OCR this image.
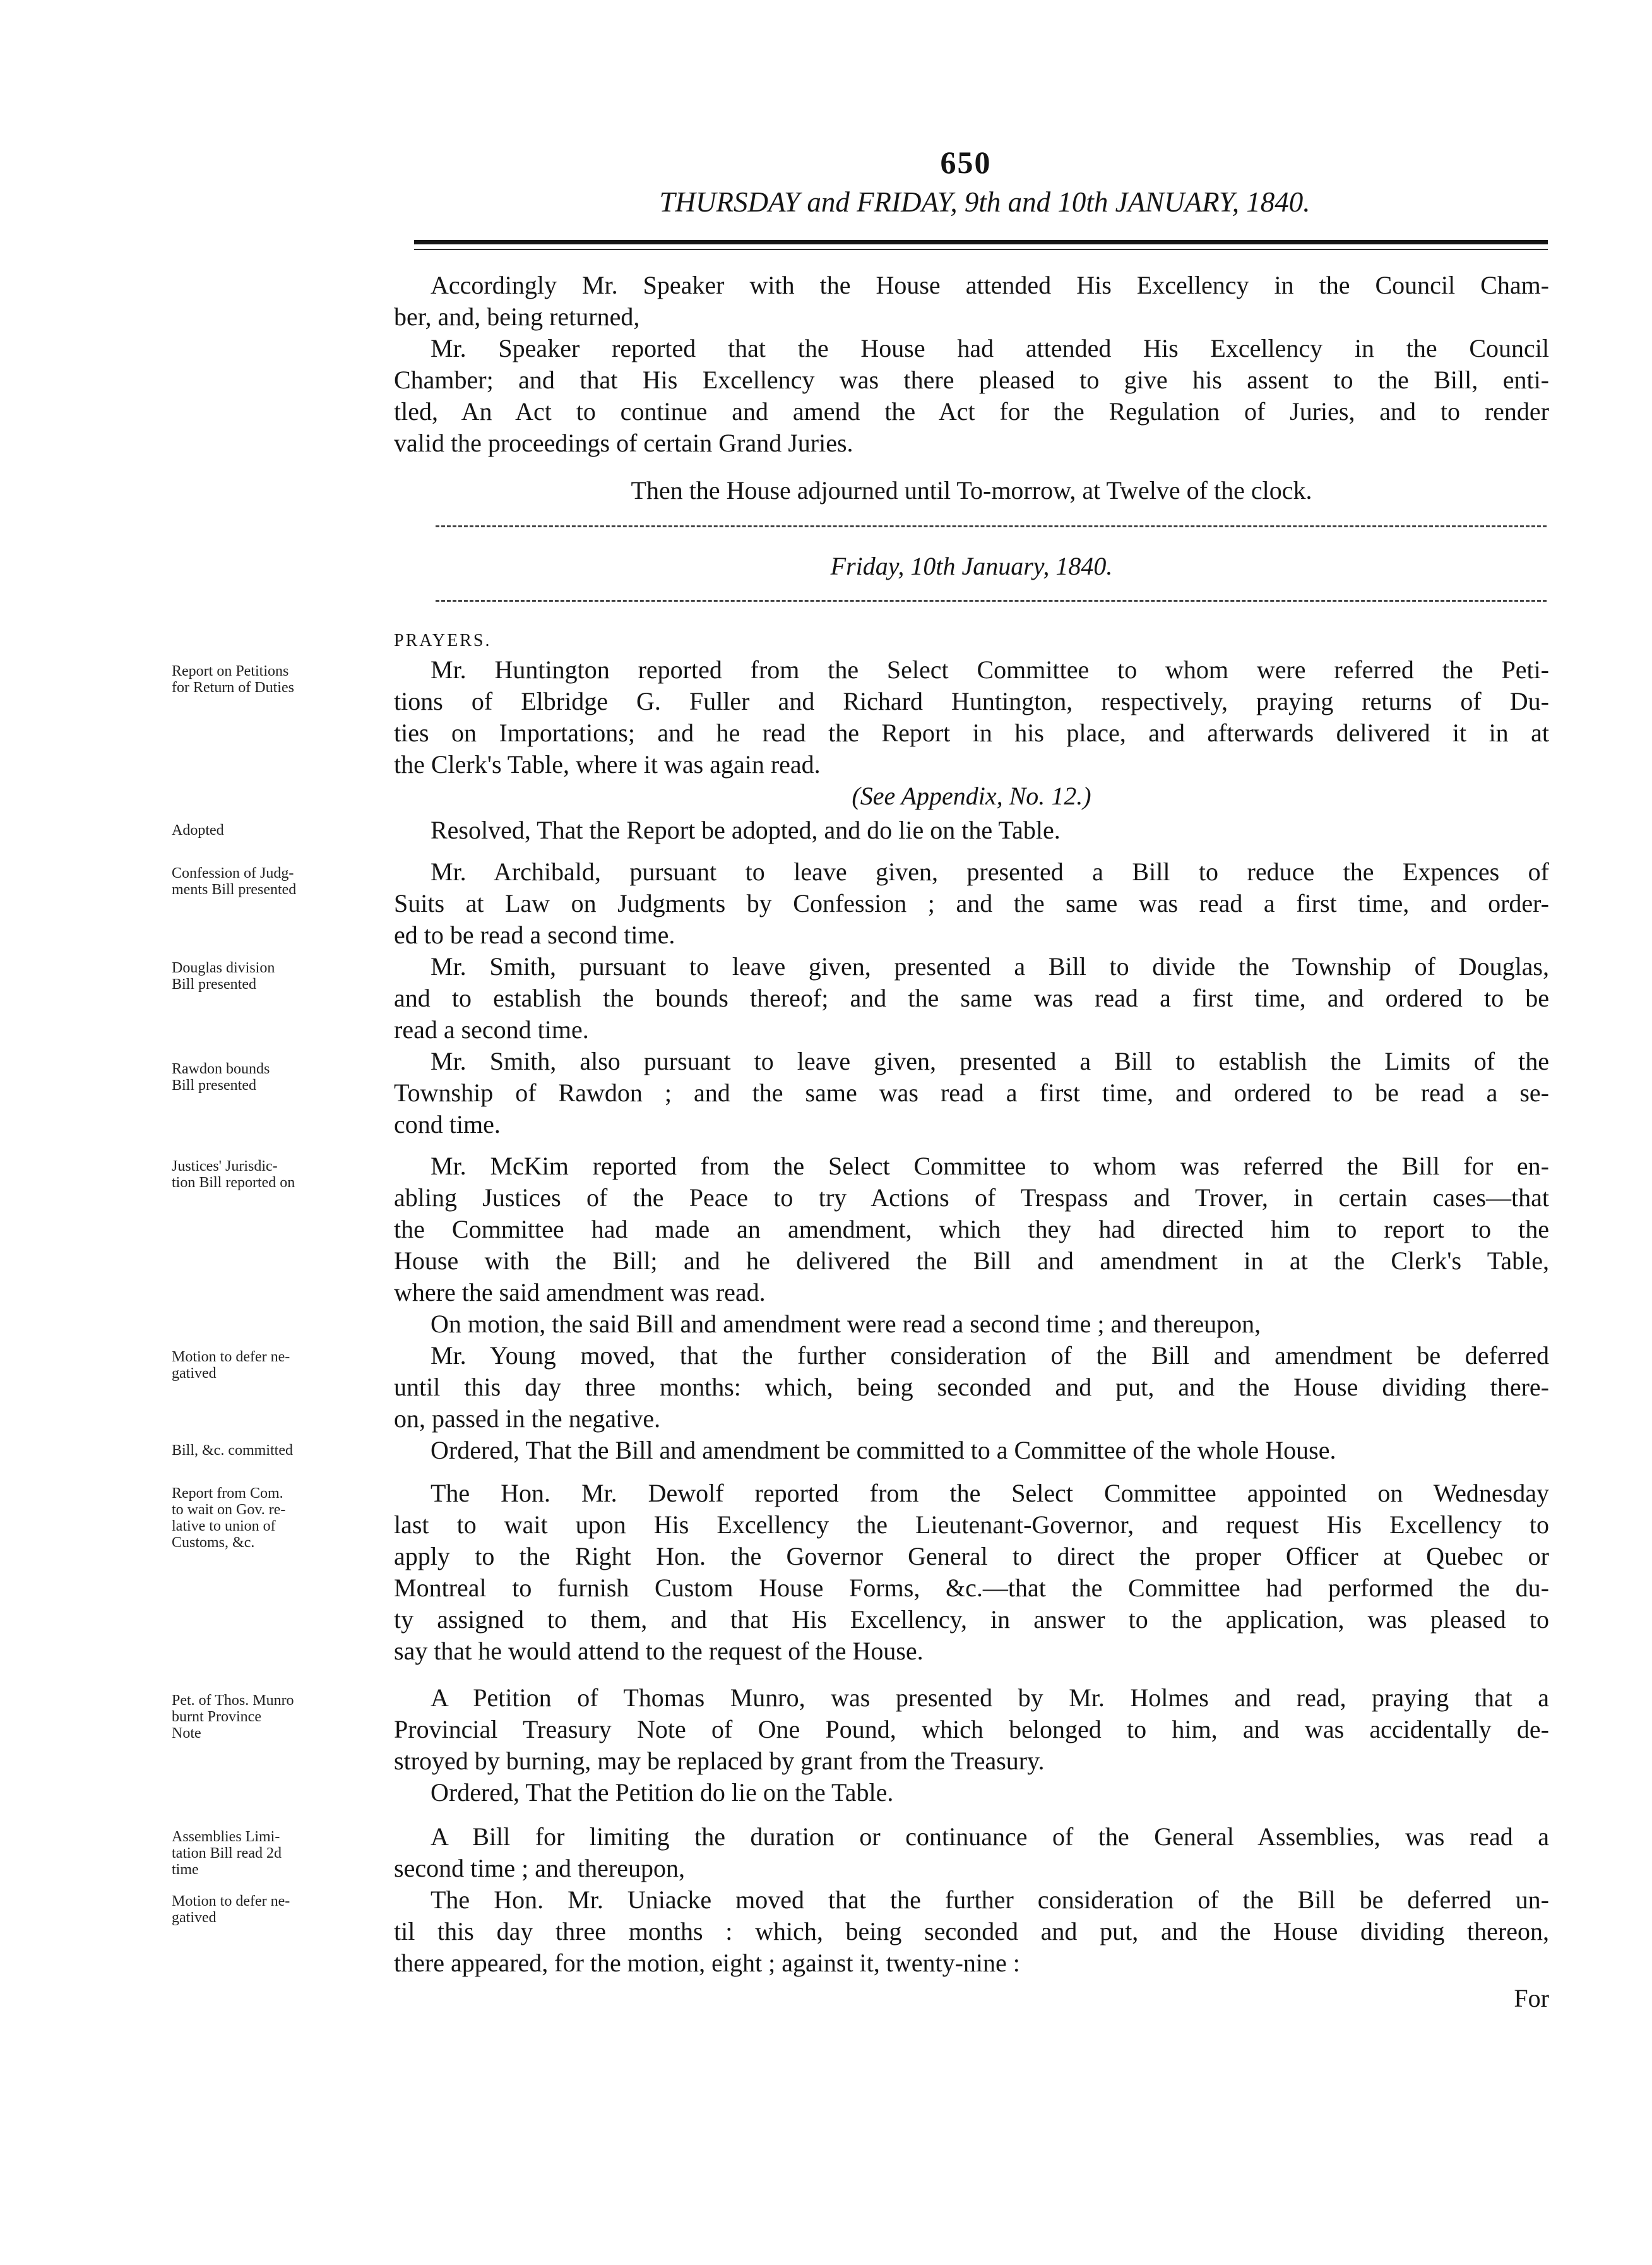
650
THURSDAY and FRIDAY, 9th and 10th JANUARY, 1840.
Accordingly Mr. Speaker with the House attended His Excellency in the Council Cham-
ber, and, being returned,
Mr. Speaker reported that the House had attended His Excellency in the Council
Chamber; and that His Excellency was there pleased to give his assent to the Bill, enti-
tled, An Act to continue and amend the Act for the Regulation of Juries, and to render
valid the proceedings of certain Grand Juries.
Then the House adjourned until To-morrow, at Twelve of the clock.
Friday, 10th January, 1840.
PRAYERS.
Mr. Huntington reported from the Select Committee to whom were referred the Peti-
tions of Elbridge G. Fuller and Richard Huntington, respectively, praying returns of Du-
ties on Importations; and he read the Report in his place, and afterwards delivered it in at
the Clerk's Table, where it was again read.
(See Appendix, No. 12.)
Resolved, That the Report be adopted, and do lie on the Table.
Mr. Archibald, pursuant to leave given, presented a Bill to reduce the Expences of
Suits at Law on Judgments by Confession ; and the same was read a first time, and order-
ed to be read a second time.
Mr. Smith, pursuant to leave given, presented a Bill to divide the Township of Douglas,
and to establish the bounds thereof; and the same was read a first time, and ordered to be
read a second time.
Mr. Smith, also pursuant to leave given, presented a Bill to establish the Limits of the
Township of Rawdon ; and the same was read a first time, and ordered to be read a se-
cond time.
Mr. McKim reported from the Select Committee to whom was referred the Bill for en-
abling Justices of the Peace to try Actions of Trespass and Trover, in certain cases—that
the Committee had made an amendment, which they had directed him to report to the
House with the Bill; and he delivered the Bill and amendment in at the Clerk's Table,
where the said amendment was read.
On motion, the said Bill and amendment were read a second time ; and thereupon,
Mr. Young moved, that the further consideration of the Bill and amendment be deferred
until this day three months: which, being seconded and put, and the House dividing there-
on, passed in the negative.
Ordered, That the Bill and amendment be committed to a Committee of the whole House.
The Hon. Mr. Dewolf reported from the Select Committee appointed on Wednesday
last to wait upon His Excellency the Lieutenant-Governor, and request His Excellency to
apply to the Right Hon. the Governor General to direct the proper Officer at Quebec or
Montreal to furnish Custom House Forms, &c.—that the Committee had performed the du-
ty assigned to them, and that His Excellency, in answer to the application, was pleased to
say that he would attend to the request of the House.
A Petition of Thomas Munro, was presented by Mr. Holmes and read, praying that a
Provincial Treasury Note of One Pound, which belonged to him, and was accidentally de-
stroyed by burning, may be replaced by grant from the Treasury.
Ordered, That the Petition do lie on the Table.
A Bill for limiting the duration or continuance of the General Assemblies, was read a
second time ; and thereupon,
The Hon. Mr. Uniacke moved that the further consideration of the Bill be deferred un-
til this day three months : which, being seconded and put, and the House dividing thereon,
there appeared, for the motion, eight ; against it, twenty-nine :
For
Report on Petitions
for Return of Duties
Adopted
Confession of Judg-
ments Bill presented
Douglas division
Bill presented
Rawdon bounds
Bill presented
Justices' Jurisdic-
tion Bill reported on
Motion to defer ne-
gatived
Bill, &c. committed
Report from Com.
to wait on Gov. re-
lative to union of
Customs, &c.
Pet. of Thos. Munro
burnt Province
Note
Assemblies Limi-
tation Bill read 2d
time
Motion to defer ne-
gatived
